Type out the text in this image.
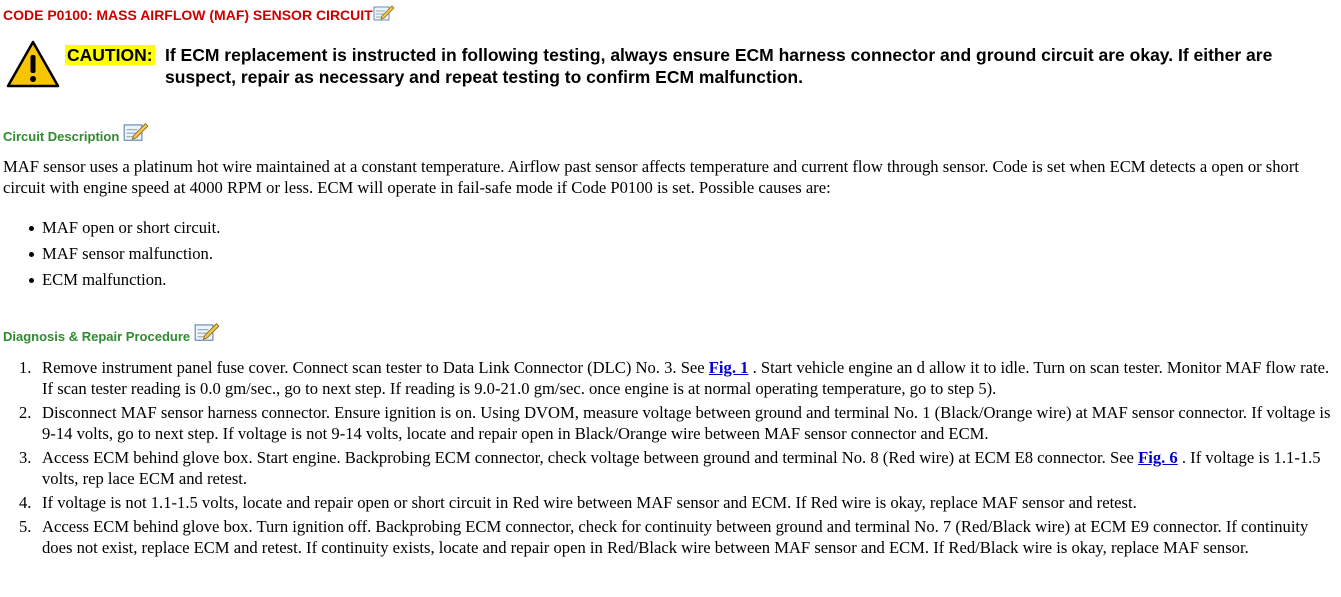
CODE P0100: MASS AIRFLOW (MAF) SENSOR CIRCUIT
CAUTION: If ECM replacement is instructed in following testing, always ensure ECM harness connector and ground circuit are okay. If either are suspect, repair as necessary and repeat testing to confirm ECM malfunction.
Circuit Description

MAF sensor uses a platinum hot wire maintained at a constant temperature. Airflow past sensor affects temperature and current flow through sensor. Code is set when ECM detects a open or short circuit with engine speed at 4000 RPM or less. ECM will operate in fail-safe mode if Code P0100 is set. Possible causes are:

MAF open or short circuit.
MAF sensor malfunction.
ECM malfunction.
Diagnosis & Repair Procedure
1. Remove instrument panel fuse cover. Connect scan tester to Data Link Connector (DLC) No. 3. See Fig. 1 . Start vehicle engine an d allow it to idle. Turn on scan tester. Monitor MAF flow rate. If scan tester reading is 0.0 gm/sec., go to next step. If reading is 9.0-21.0 gm/sec. once engine is at normal operating temperature, go to step 5).
2. Disconnect MAF sensor harness connector. Ensure ignition is on. Using DVOM, measure voltage between ground and terminal No. 1 (Black/Orange wire) at MAF sensor connector. If voltage is 9-14 volts, go to next step. If voltage is not 9-14 volts, locate and repair open in Black/Orange wire between MAF sensor connector and ECM.
3. Access ECM behind glove box. Start engine. Backprobing ECM connector, check voltage between ground and terminal No. 8 (Red wire) at ECM E8 connector. See Fig. 6 . If voltage is 1.1-1.5 volts, rep lace ECM and retest.
4. If voltage is not 1.1-1.5 volts, locate and repair open or short circuit in Red wire between MAF sensor and ECM. If Red wire is okay, replace MAF sensor and retest.
5. Access ECM behind glove box. Turn ignition off. Backprobing ECM connector, check for continuity between ground and terminal No. 7 (Red/Black wire) at ECM E9 connector. If continuity does not exist, replace ECM and retest. If continuity exists, locate and repair open in Red/Black wire between MAF sensor and ECM. If Red/Black wire is okay, replace MAF sensor.
